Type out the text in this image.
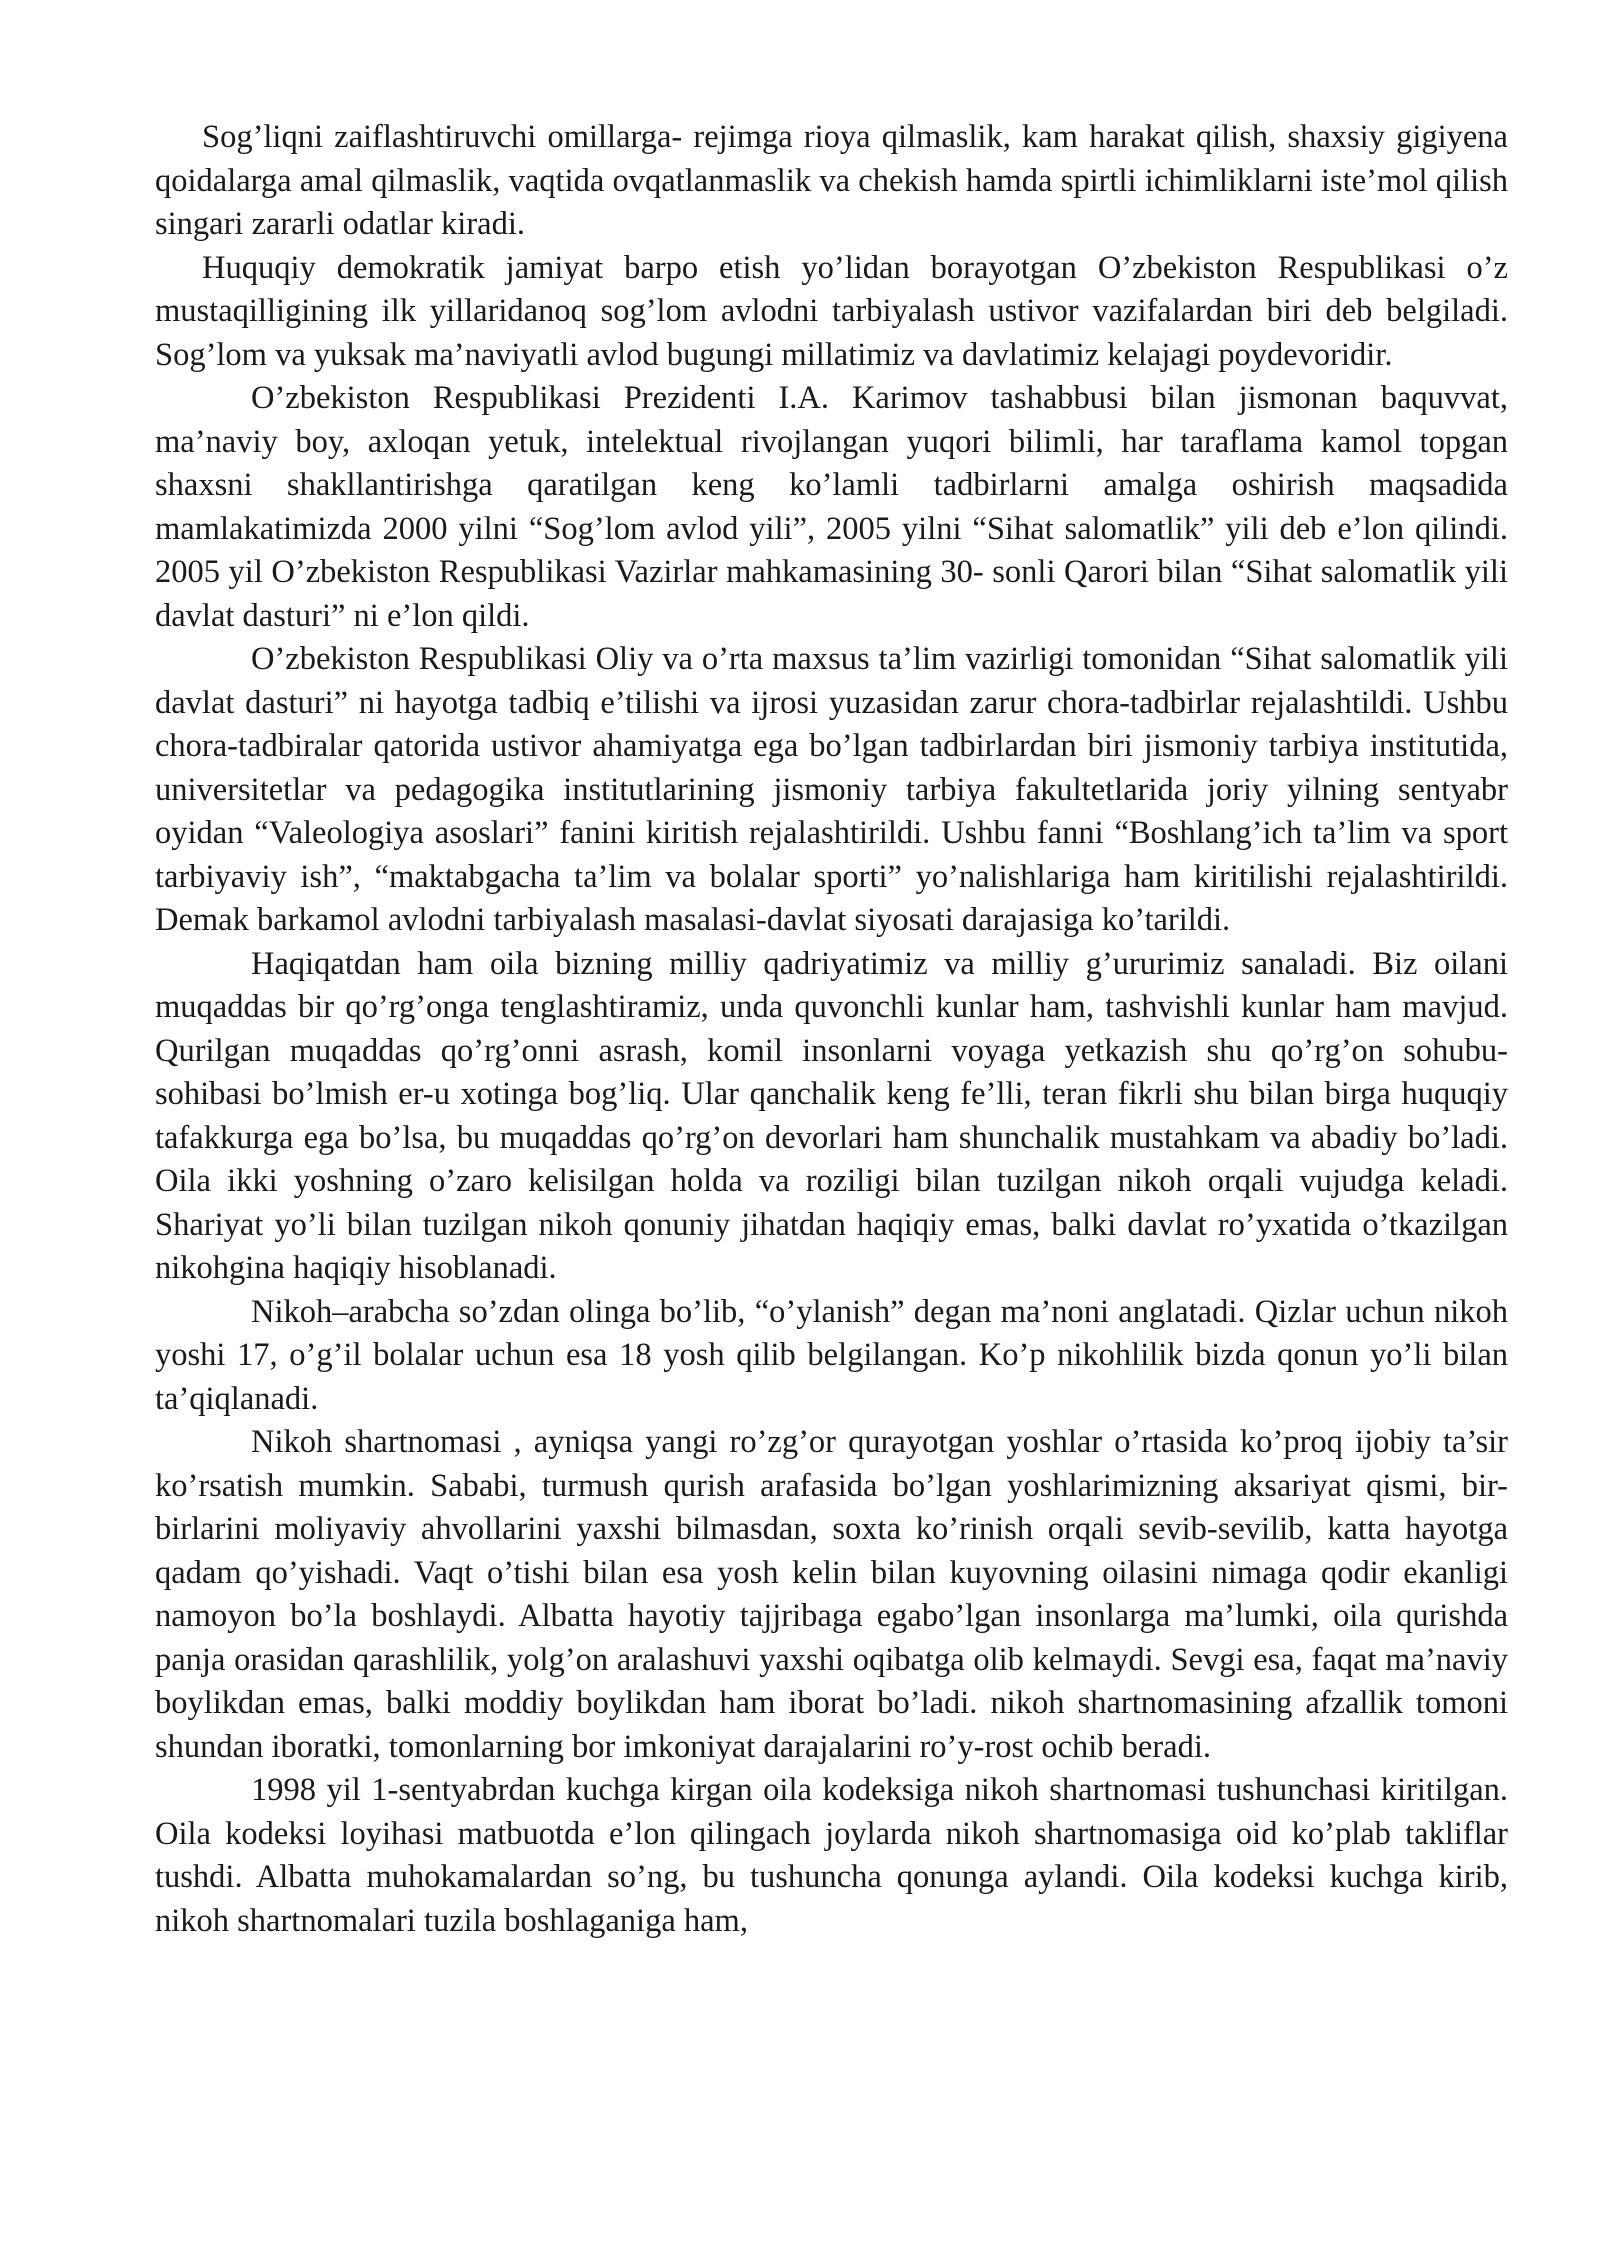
Sog’liqni zaiflashtiruvchi omillarga- rejimga rioya qilmaslik, kam harakat qilish, shaxsiy gigiyena qoidalarga amal qilmaslik, vaqtida ovqatlanmaslik va chekish hamda spirtli ichimliklarni iste’mol qilish singari zararli odatlar kiradi.

Huquqiy demokratik jamiyat barpo etish yo’lidan borayotgan O’zbekiston Respublikasi o’z mustaqilligining ilk yillaridanoq sog’lom avlodni tarbiyalash ustivor vazifalardan biri deb belgiladi. Sog’lom va yuksak ma’naviyatli avlod bugungi millatimiz va davlatimiz kelajagi poydevoridir.

O’zbekiston Respublikasi Prezidenti I.A. Karimov tashabbusi bilan jismonan baquvvat, ma’naviy boy, axloqan yetuk, intelektual rivojlangan yuqori bilimli, har taraflama kamol topgan shaxsni shakllantirishga qaratilgan keng ko’lamli tadbirlarni amalga oshirish maqsadida mamlakatimizda 2000 yilni “Sog’lom avlod yili”, 2005 yilni “Sihat salomatlik” yili deb e’lon qilindi. 2005 yil O’zbekiston Respublikasi Vazirlar mahkamasining 30- sonli Qarori bilan “Sihat salomatlik yili davlat dasturi” ni e’lon qildi.

O’zbekiston Respublikasi Oliy va o’rta maxsus ta’lim vazirligi tomonidan “Sihat salomatlik yili davlat dasturi” ni hayotga tadbiq e’tilishi va ijrosi yuzasidan zarur chora-tadbirlar rejalashtildi. Ushbu chora-tadbiralar qatorida ustivor ahamiyatga ega bo’lgan tadbirlardan biri jismoniy tarbiya institutida, universitetlar va pedagogika institutlarining jismoniy tarbiya fakultetlarida joriy yilning sentyabr oyidan “Valeologiya asoslari” fanini kiritish rejalashtirildi. Ushbu fanni “Boshlang’ich ta’lim va sport tarbiyaviy ish”, “maktabgacha ta’lim va bolalar sporti” yo’nalishlariga ham kiritilishi rejalashtirildi. Demak barkamol avlodni tarbiyalash masalasi-davlat siyosati darajasiga ko’tarildi.

Haqiqatdan ham oila bizning milliy qadriyatimiz va milliy g’ururimiz sanaladi. Biz oilani muqaddas bir qo’rg’onga tenglashtiramiz, unda quvonchli kunlar ham, tashvishli kunlar ham mavjud. Qurilgan muqaddas qo’rg’onni asrash, komil insonlarni voyaga yetkazish shu qo’rg’on sohubu- sohibasi bo’lmish er-u xotinga bog’liq. Ular qanchalik keng fe’lli, teran fikrli shu bilan birga huquqiy tafakkurga ega bo’lsa, bu muqaddas qo’rg’on devorlari ham shunchalik mustahkam va abadiy bo’ladi. Oila ikki yoshning o’zaro kelisilgan holda va roziligi bilan tuzilgan nikoh orqali vujudga keladi. Shariyat yo’li bilan tuzilgan nikoh qonuniy jihatdan haqiqiy emas, balki davlat ro’yxatida o’tkazilgan nikohgina haqiqiy hisoblanadi.

Nikoh–arabcha so’zdan olinga bo’lib, “o’ylanish” degan ma’noni anglatadi. Qizlar uchun nikoh yoshi 17, o’g’il bolalar uchun esa 18 yosh qilib belgilangan. Ko’p nikohlilik bizda qonun yo’li bilan ta’qiqlanadi.

Nikoh shartnomasi , ayniqsa yangi ro’zg’or qurayotgan yoshlar o’rtasida ko’proq ijobiy ta’sir ko’rsatish mumkin. Sababi, turmush qurish arafasida bo’lgan yoshlarimizning aksariyat qismi, bir-birlarini moliyaviy ahvollarini yaxshi bilmasdan, soxta ko’rinish orqali sevib-sevilib, katta hayotga qadam qo’yishadi. Vaqt o’tishi bilan esa yosh kelin bilan kuyovning oilasini nimaga qodir ekanligi namoyon bo’la boshlaydi. Albatta hayotiy tajjribaga egabo’lgan insonlarga ma’lumki, oila qurishda panja orasidan qarashlilik, yolg’on aralashuvi yaxshi oqibatga olib kelmaydi. Sevgi esa, faqat ma’naviy boylikdan emas, balki moddiy boylikdan ham iborat bo’ladi. nikoh shartnomasining afzallik tomoni shundan iboratki, tomonlarning bor imkoniyat darajalarini ro’y-rost ochib beradi.

1998 yil 1-sentyabrdan kuchga kirgan oila kodeksiga nikoh shartnomasi tushunchasi kiritilgan. Oila kodeksi loyihasi matbuotda e’lon qilingach joylarda nikoh shartnomasiga oid ko’plab takliflar tushdi. Albatta muhokamalardan so’ng, bu tushuncha qonunga aylandi. Oila kodeksi kuchga kirib, nikoh shartnomalari tuzila boshlaganiga ham,
